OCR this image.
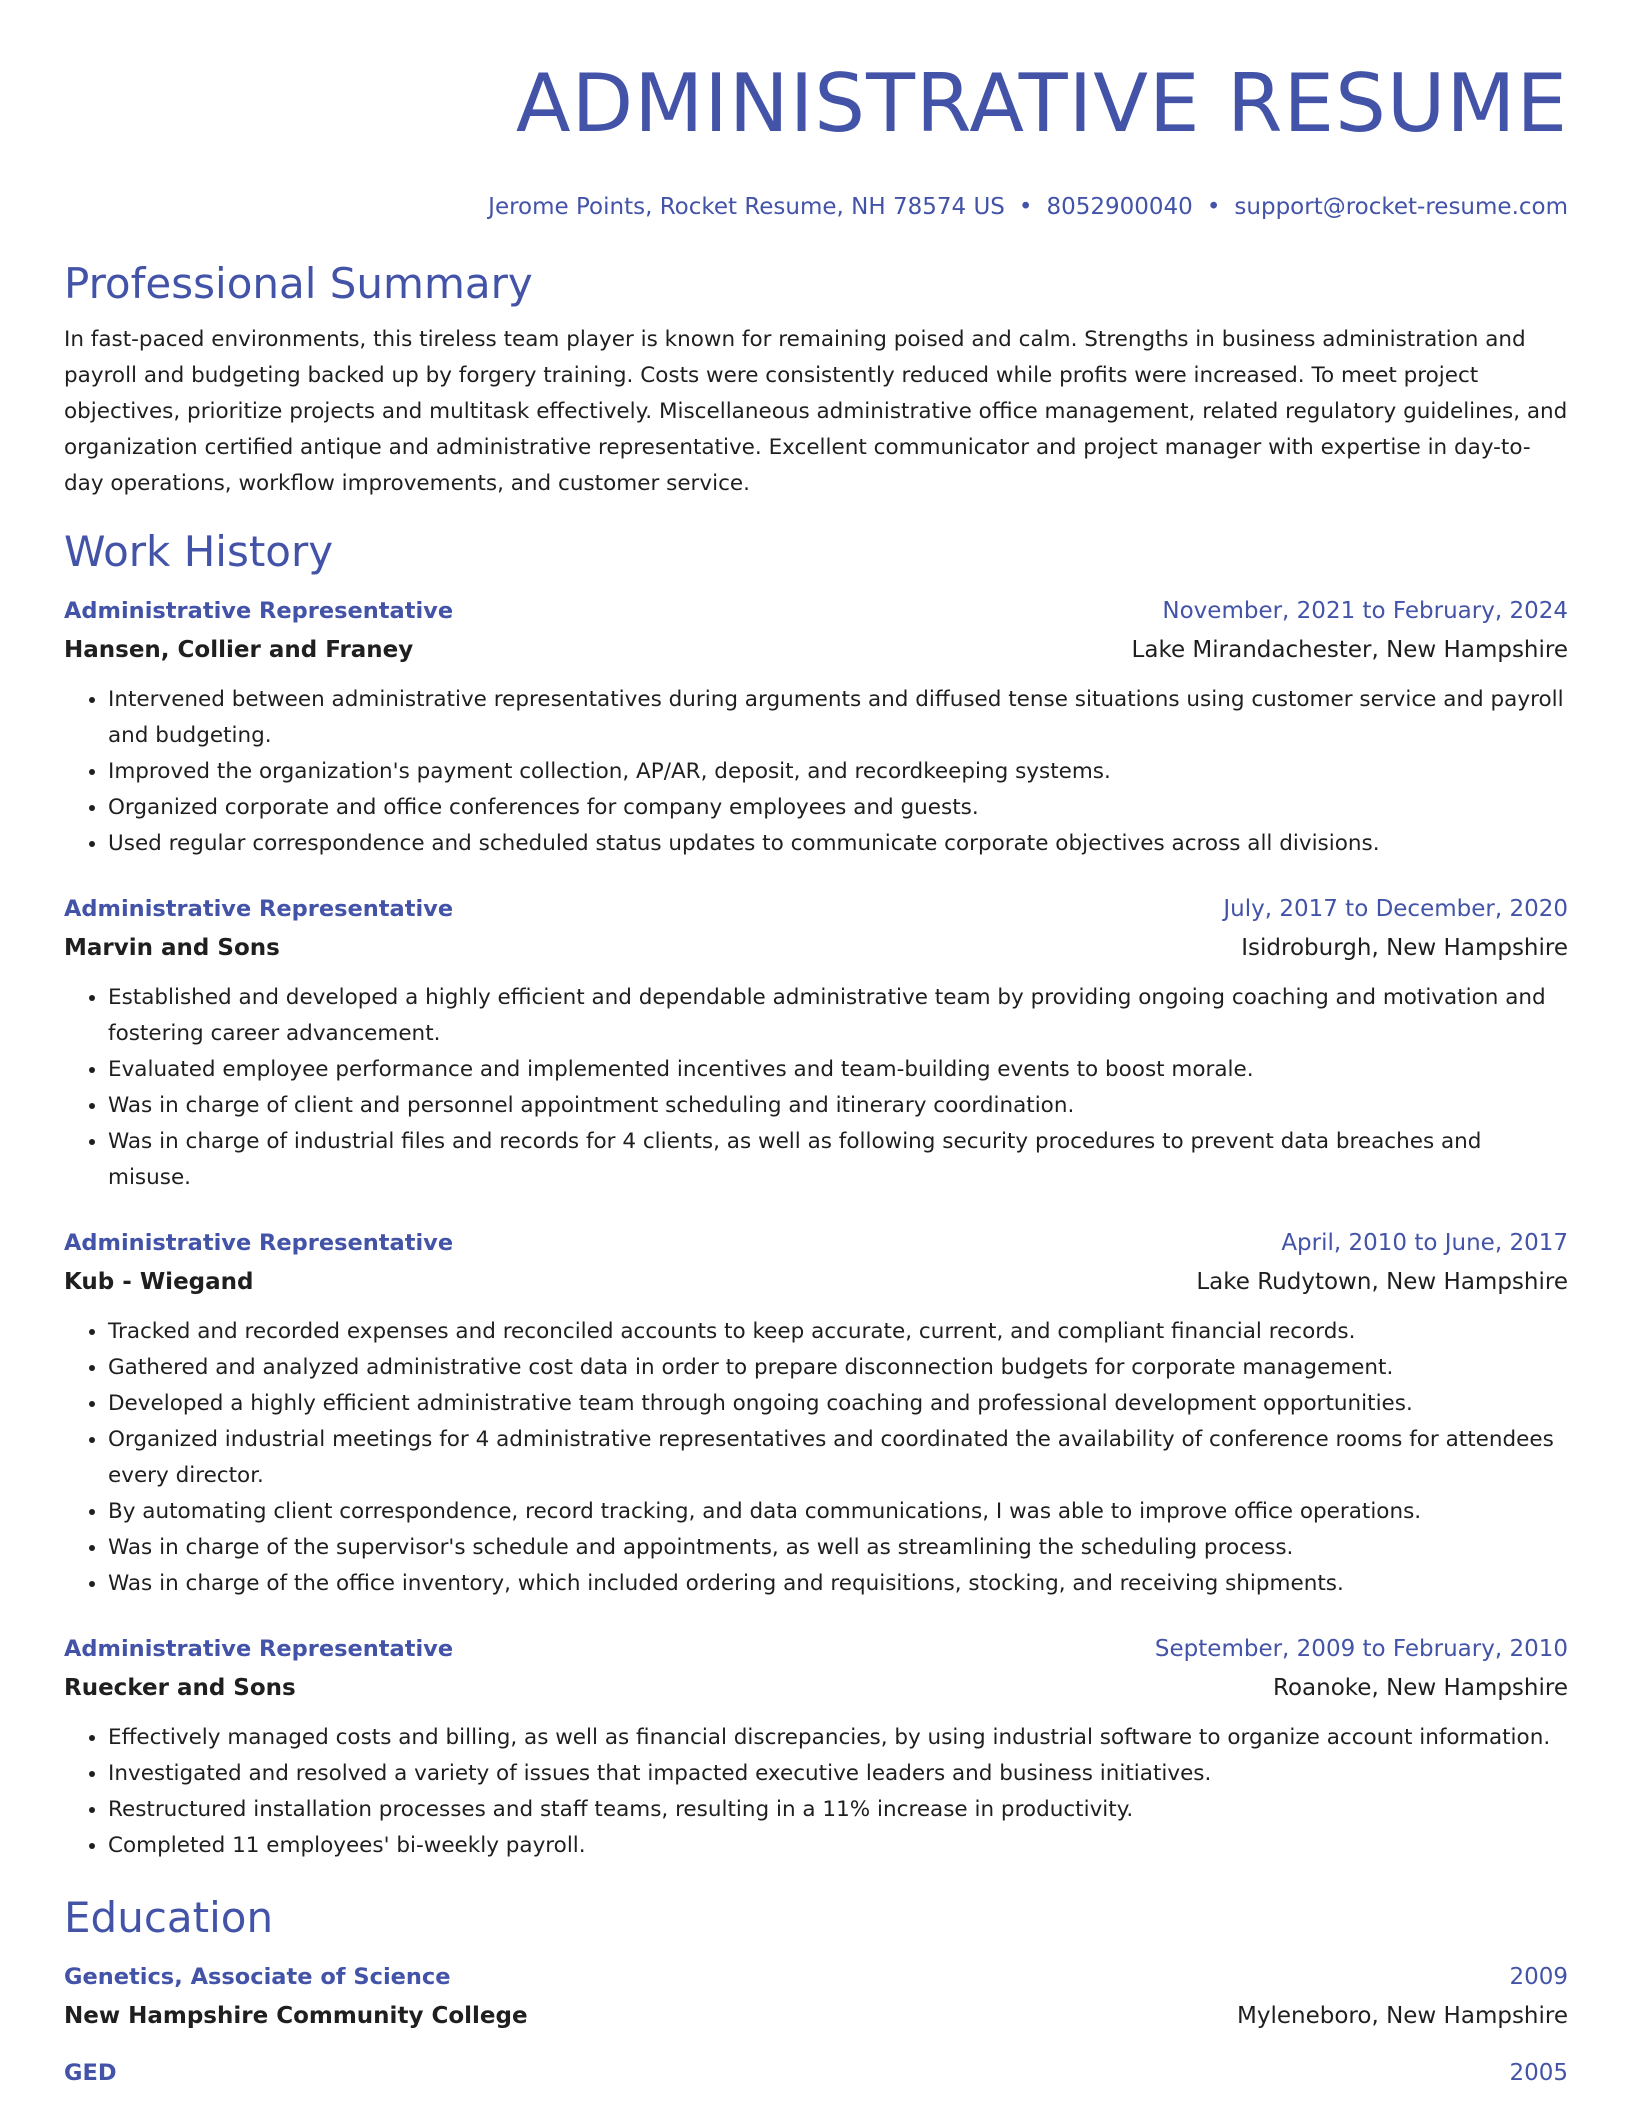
ADMINISTRATIVE RESUME
Jerome Points, Rocket Resume, NH 78574 US • 8052900040 • support@rocket-resume.com
Professional Summary

In fast-paced environments, this tireless team player is known for remaining poised and calm. Strengths in business administration and payroll and budgeting backed up by forgery training. Costs were consistently reduced while profits were increased. To meet project objectives, prioritize projects and multitask effectively. Miscellaneous administrative office management, related regulatory guidelines, and organization certified antique and administrative representative. Excellent communicator and project manager with expertise in day-to-day operations, workflow improvements, and customer service.

Work History
Administrative Representative	November, 2021 to February, 2024
Hansen, Collier and Franey	Lake Mirandachester, New Hampshire
• Intervened between administrative representatives during arguments and diffused tense situations using customer service and payroll and budgeting.
• Improved the organization's payment collection, AP/AR, deposit, and recordkeeping systems.
• Organized corporate and office conferences for company employees and guests.
• Used regular correspondence and scheduled status updates to communicate corporate objectives across all divisions.
Administrative Representative	July, 2017 to December, 2020
Marvin and Sons	Isidroburgh, New Hampshire
• Established and developed a highly efficient and dependable administrative team by providing ongoing coaching and motivation and fostering career advancement.
• Evaluated employee performance and implemented incentives and team-building events to boost morale.
• Was in charge of client and personnel appointment scheduling and itinerary coordination.
• Was in charge of industrial files and records for 4 clients, as well as following security procedures to prevent data breaches and misuse.
Administrative Representative	April, 2010 to June, 2017
Kub - Wiegand	Lake Rudytown, New Hampshire
• Tracked and recorded expenses and reconciled accounts to keep accurate, current, and compliant financial records.
• Gathered and analyzed administrative cost data in order to prepare disconnection budgets for corporate management.
• Developed a highly efficient administrative team through ongoing coaching and professional development opportunities.
• Organized industrial meetings for 4 administrative representatives and coordinated the availability of conference rooms for attendees every director.
• By automating client correspondence, record tracking, and data communications, I was able to improve office operations.
• Was in charge of the supervisor's schedule and appointments, as well as streamlining the scheduling process.
• Was in charge of the office inventory, which included ordering and requisitions, stocking, and receiving shipments.
Administrative Representative	September, 2009 to February, 2010
Ruecker and Sons	Roanoke, New Hampshire
• Effectively managed costs and billing, as well as financial discrepancies, by using industrial software to organize account information.
• Investigated and resolved a variety of issues that impacted executive leaders and business initiatives.
• Restructured installation processes and staff teams, resulting in a 11% increase in productivity.
• Completed 11 employees' bi-weekly payroll.
Education
Genetics, Associate of Science	2009
New Hampshire Community College	Myleneboro, New Hampshire
GED	2005
